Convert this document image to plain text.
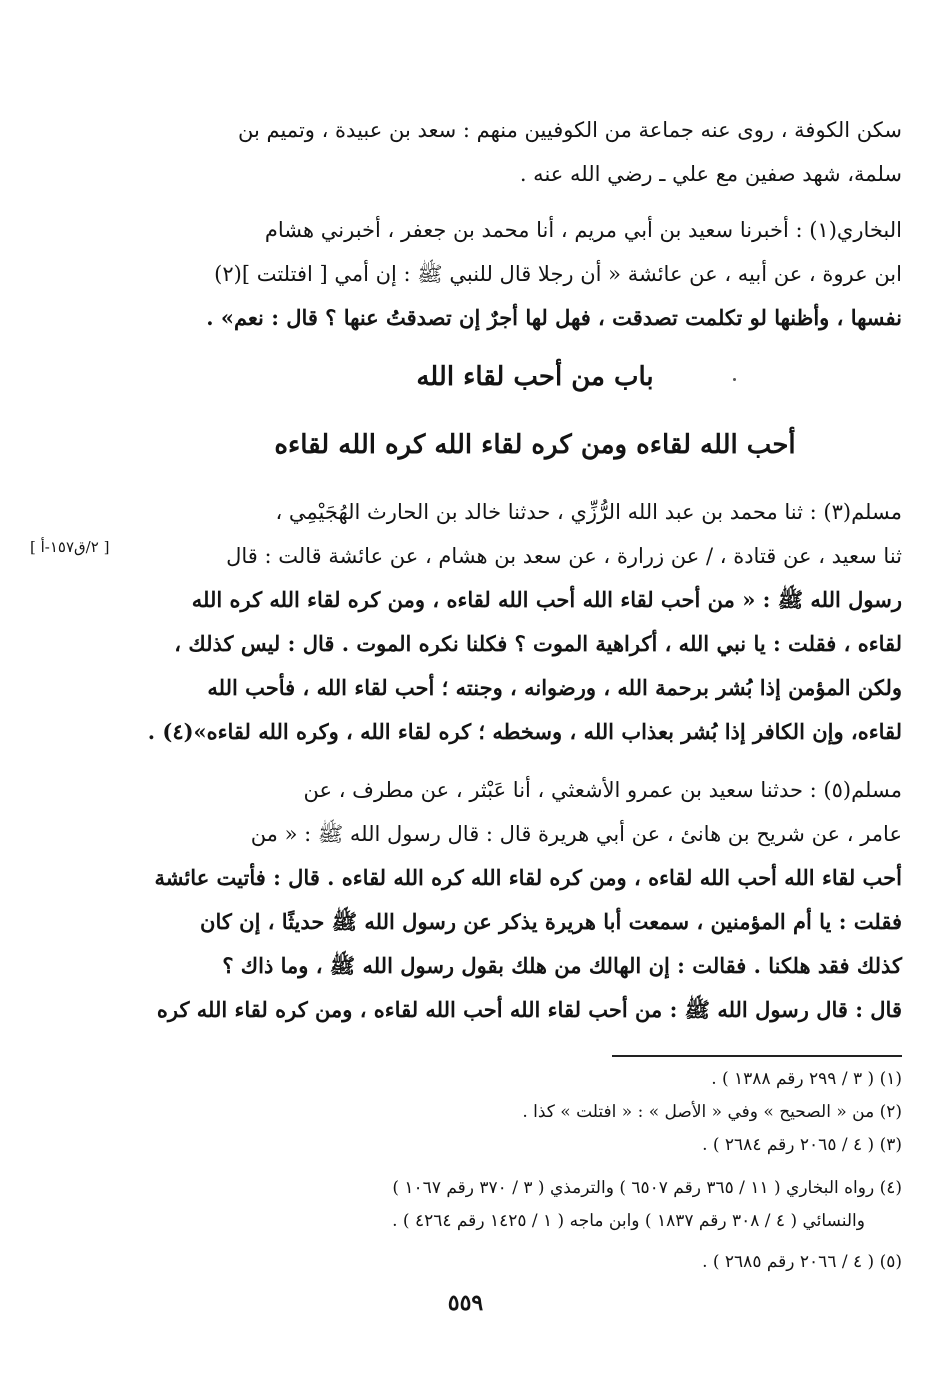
سكن الكوفة ، روى عنه جماعة من الكوفيين منهم : سعد بن عبيدة ، وتميم بن
سلمة، شهد صفين مع علي ـ رضي الله عنه .
البخاري(١) : أخبرنا سعيد بن أبي مريم ، أنا محمد بن جعفر ، أخبرني هشام
ابن عروة ، عن أبيه ، عن عائشة « أن رجلا قال للنبي ﷺ : إن أمي [ افتلتت ](٢)
نفسها ، وأظنها لو تكلمت تصدقت ، فهل لها أجرٌ إن تصدقتُ عنها ؟ قال : نعم» .
باب من أحب لقاء الله
أحب الله لقاءه ومن كره لقاء الله كره الله لقاءه
[ ٢/ق١٥٧-أ ]
مسلم(٣) : ثنا محمد بن عبد الله الرُّزِّي ، حدثنا خالد بن الحارث الهُجَيْمِي ،
ثنا سعيد ، عن قتادة ، / عن زرارة ، عن سعد بن هشام ، عن عائشة قالت : قال
رسول الله ﷺ : « من أحب لقاء الله أحب الله لقاءه ، ومن كره لقاء الله كره الله
لقاءه ، فقلت : يا نبي الله ، أكراهية الموت ؟ فكلنا نكره الموت . قال : ليس كذلك ،
ولكن المؤمن إذا بُشر برحمة الله ، ورضوانه ، وجنته ؛ أحب لقاء الله ، فأحب الله
لقاءه، وإن الكافر إذا بُشر بعذاب الله ، وسخطه ؛ كره لقاء الله ، وكره الله لقاءه»(٤) .
مسلم(٥) : حدثنا سعيد بن عمرو الأشعثي ، أنا عَبْثر ، عن مطرف ، عن
عامر ، عن شريح بن هانئ ، عن أبي هريرة قال : قال رسول الله ﷺ : « من
أحب لقاء الله أحب الله لقاءه ، ومن كره لقاء الله كره الله لقاءه . قال : فأتيت عائشة
فقلت : يا أم المؤمنين ، سمعت أبا هريرة يذكر عن رسول الله ﷺ حديثًا ، إن كان
كذلك فقد هلكنا . فقالت : إن الهالك من هلك بقول رسول الله ﷺ ، وما ذاك ؟
قال : قال رسول الله ﷺ : من أحب لقاء الله أحب الله لقاءه ، ومن كره لقاء الله كره
(١) ( ٣ / ٢٩٩ رقم ١٣٨٨ ) .
(٢) من « الصحيح » وفي « الأصل » : « افتلت » كذا .
(٣) ( ٤ / ٢٠٦٥ رقم ٢٦٨٤ ) .
(٤) رواه البخاري ( ١١ / ٣٦٥ رقم ٦٥٠٧ ) والترمذي ( ٣ / ٣٧٠ رقم ١٠٦٧ )
والنسائي ( ٤ / ٣٠٨ رقم ١٨٣٧ ) وابن ماجه ( ١ / ١٤٢٥ رقم ٤٢٦٤ ) .
(٥) ( ٤ / ٢٠٦٦ رقم ٢٦٨٥ ) .
٥٥٩
